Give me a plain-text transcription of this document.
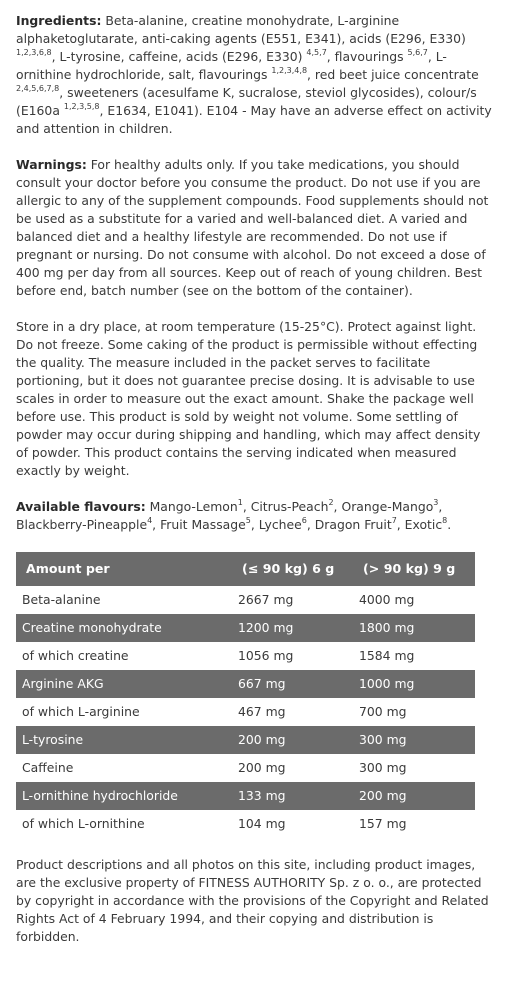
Ingredients: Beta-alanine, creatine monohydrate, L-arginine alphaketoglutarate, anti-caking agents (E551, E341), acids (E296, E330) $^{1,2,3,6,8}$, L-tyrosine, caffeine, acids (E296, E330) $^{4,5,7}$, flavourings $^{5,6,7}$, L-ornithine hydrochloride, salt, flavourings $^{1,2,3,4,8}$, red beet juice concentrate $^{2,4,5,6,7,8}$, sweeteners (acesulfame K, sucralose, steviol glycosides), colour/s (E160a $^{1,2,3,5,8}$, E1634, E1041). E104 - May have an adverse effect on activity and attention in children.

Warnings: For healthy adults only. If you take medications, you should consult your doctor before you consume the product. Do not use if you are allergic to any of the supplement compounds. Food supplements should not be used as a substitute for a varied and well-balanced diet. A varied and balanced diet and a healthy lifestyle are recommended. Do not use if pregnant or nursing. Do not consume with alcohol. Do not exceed a dose of 400 mg per day from all sources. Keep out of reach of young children. Best before end, batch number (see on the bottom of the container).

Store in a dry place, at room temperature (15-25°C). Protect against light. Do not freeze. Some caking of the product is permissible without effecting the quality. The measure included in the packet serves to facilitate portioning, but it does not guarantee precise dosing. It is advisable to use scales in order to measure out the exact amount. Shake the package well before use. This product is sold by weight not volume. Some settling of powder may occur during shipping and handling, which may affect density of powder. This product contains the serving indicated when measured exactly by weight.

Available flavours: Mango-Lemon$^1$, Citrus-Peach$^2$, Orange-Mango$^3$, Blackberry-Pineapple$^4$, Fruit Massage$^5$, Lychee$^6$, Dragon Fruit$^7$, Exotic$^8$.

Amount per	(≤ 90 kg) 6 g	(> 90 kg) 9 g
Beta-alanine	2667 mg	4000 mg
Creatine monohydrate	1200 mg	1800 mg
of which creatine	1056 mg	1584 mg
Arginine AKG	667 mg	1000 mg
of which L-arginine	467 mg	700 mg
L-tyrosine	200 mg	300 mg
Caffeine	200 mg	300 mg
L-ornithine hydrochloride	133 mg	200 mg
of which L-ornithine	104 mg	157 mg

Product descriptions and all photos on this site, including product images, are the exclusive property of FITNESS AUTHORITY Sp. z o. o., are protected by copyright in accordance with the provisions of the Copyright and Related Rights Act of 4 February 1994, and their copying and distribution is forbidden.
